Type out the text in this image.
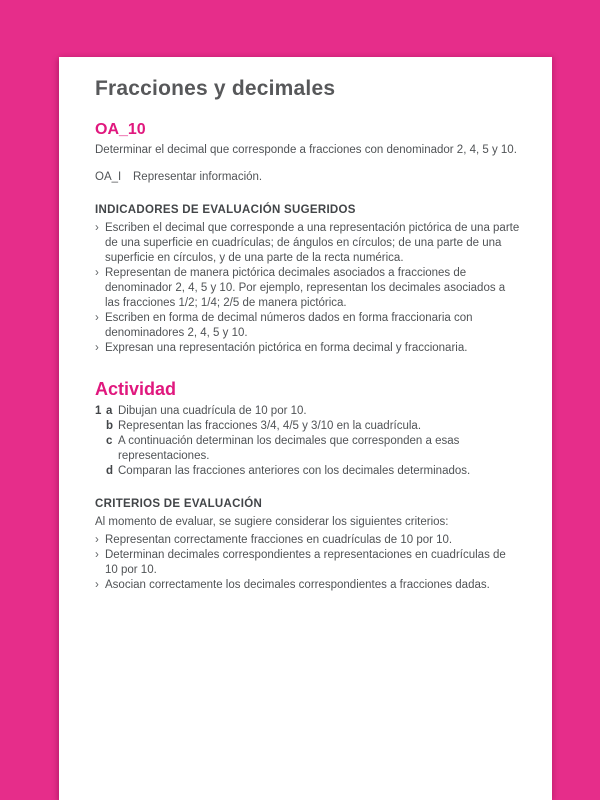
Fracciones y decimales
OA_10
Determinar el decimal que corresponde a fracciones con denominador 2, 4, 5 y 10.
OA_I	Representar información.
INDICADORES DE EVALUACIÓN SUGERIDOS
› Escriben el decimal que corresponde a una representación pictórica de una parte de una superficie en cuadrículas; de ángulos en círculos; de una parte de una superficie en círculos, y de una parte de la recta numérica.
› Representan de manera pictórica decimales asociados a fracciones de denominador 2, 4, 5 y 10. Por ejemplo, representan los decimales asociados a las fracciones 1/2; 1/4; 2/5 de manera pictórica.
› Escriben en forma de decimal números dados en forma fraccionaria con denominadores 2, 4, 5 y 10.
› Expresan una representación pictórica en forma decimal y fraccionaria.
Actividad
1 a Dibujan una cuadrícula de 10 por 10.
b Representan las fracciones 3/4, 4/5 y 3/10 en la cuadrícula.
c A continuación determinan los decimales que corresponden a esas representaciones.
d Comparan las fracciones anteriores con los decimales determinados.
CRITERIOS DE EVALUACIÓN
Al momento de evaluar, se sugiere considerar los siguientes criterios:
› Representan correctamente fracciones en cuadrículas de 10 por 10.
› Determinan decimales correspondientes a representaciones en cuadrículas de 10 por 10.
› Asocian correctamente los decimales correspondientes a fracciones dadas.
